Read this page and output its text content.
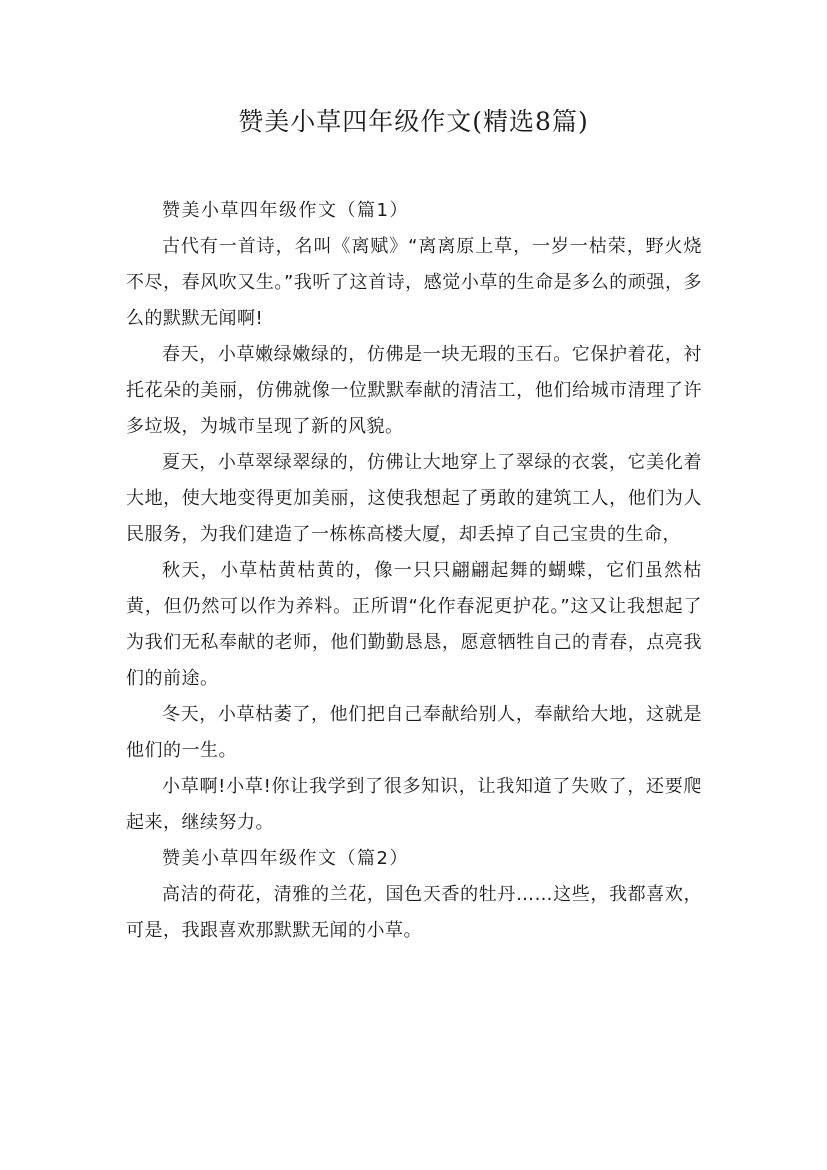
赞美小草四年级作文(精选8篇)

赞美小草四年级作文（篇1）

古代有一首诗，名叫《离赋》“离离原上草，一岁一枯荣，野火烧不尽，春风吹又生。”我听了这首诗，感觉小草的生命是多么的顽强，多么的默默无闻啊!

春天，小草嫩绿嫩绿的，仿佛是一块无瑕的玉石。它保护着花，衬托花朵的美丽，仿佛就像一位默默奉献的清洁工，他们给城市清理了许多垃圾，为城市呈现了新的风貌。

夏天，小草翠绿翠绿的，仿佛让大地穿上了翠绿的衣裳，它美化着大地，使大地变得更加美丽，这使我想起了勇敢的建筑工人，他们为人民服务，为我们建造了一栋栋高楼大厦，却丢掉了自己宝贵的生命，

秋天，小草枯黄枯黄的，像一只只翩翩起舞的蝴蝶，它们虽然枯黄，但仍然可以作为养料。正所谓“化作春泥更护花。”这又让我想起了为我们无私奉献的老师，他们勤勤恳恳，愿意牺牲自己的青春，点亮我们的前途。

冬天，小草枯萎了，他们把自己奉献给别人，奉献给大地，这就是他们的一生。

小草啊!小草!你让我学到了很多知识，让我知道了失败了，还要爬起来，继续努力。

赞美小草四年级作文（篇2）

高洁的荷花，清雅的兰花，国色天香的牡丹……这些，我都喜欢，可是，我跟喜欢那默默无闻的小草。
